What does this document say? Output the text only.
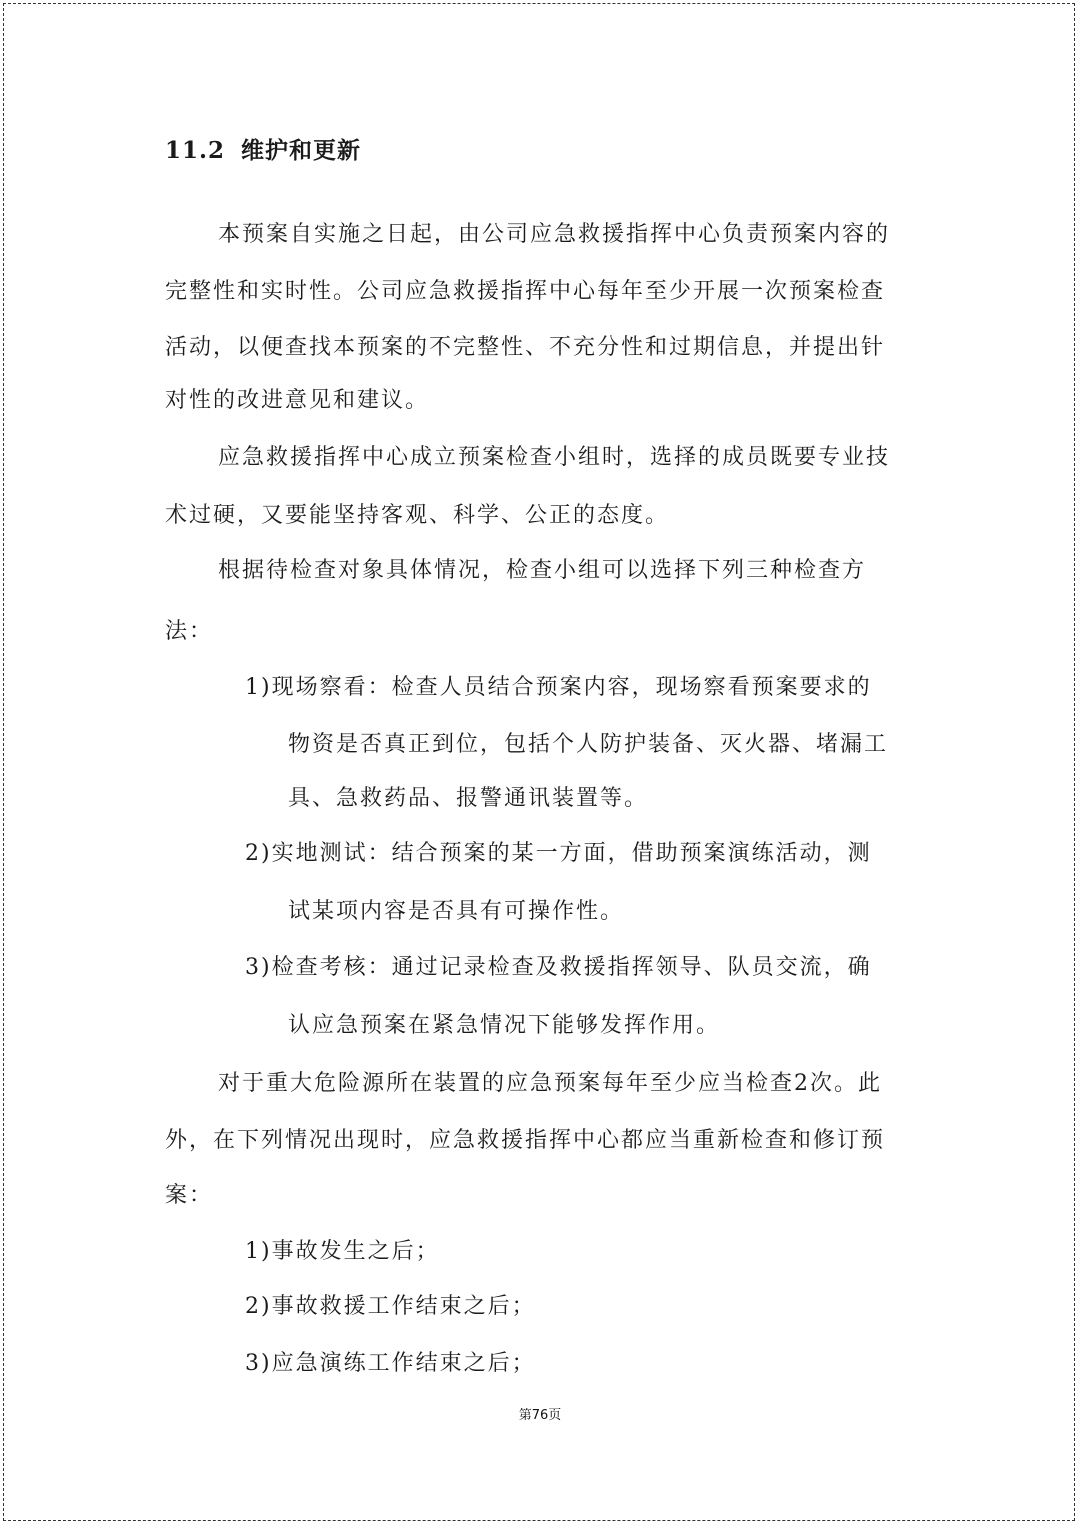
11.2 维护和更新
本预案自实施之日起，由公司应急救援指挥中心负责预案内容的
完整性和实时性。公司应急救援指挥中心每年至少开展一次预案检查
活动，以便查找本预案的不完整性、不充分性和过期信息，并提出针
对性的改进意见和建议。
应急救援指挥中心成立预案检查小组时，选择的成员既要专业技
术过硬，又要能坚持客观、科学、公正的态度。
根据待检查对象具体情况，检查小组可以选择下列三种检查方
法：
1)现场察看：检查人员结合预案内容，现场察看预案要求的
物资是否真正到位，包括个人防护装备、灭火器、堵漏工
具、急救药品、报警通讯装置等。
2)实地测试：结合预案的某一方面，借助预案演练活动，测
试某项内容是否具有可操作性。
3)检查考核：通过记录检查及救援指挥领导、队员交流，确
认应急预案在紧急情况下能够发挥作用。
对于重大危险源所在装置的应急预案每年至少应当检查2次。此
外，在下列情况出现时，应急救援指挥中心都应当重新检查和修订预
案：
1)事故发生之后；
2)事故救援工作结束之后；
3)应急演练工作结束之后；
第76页
